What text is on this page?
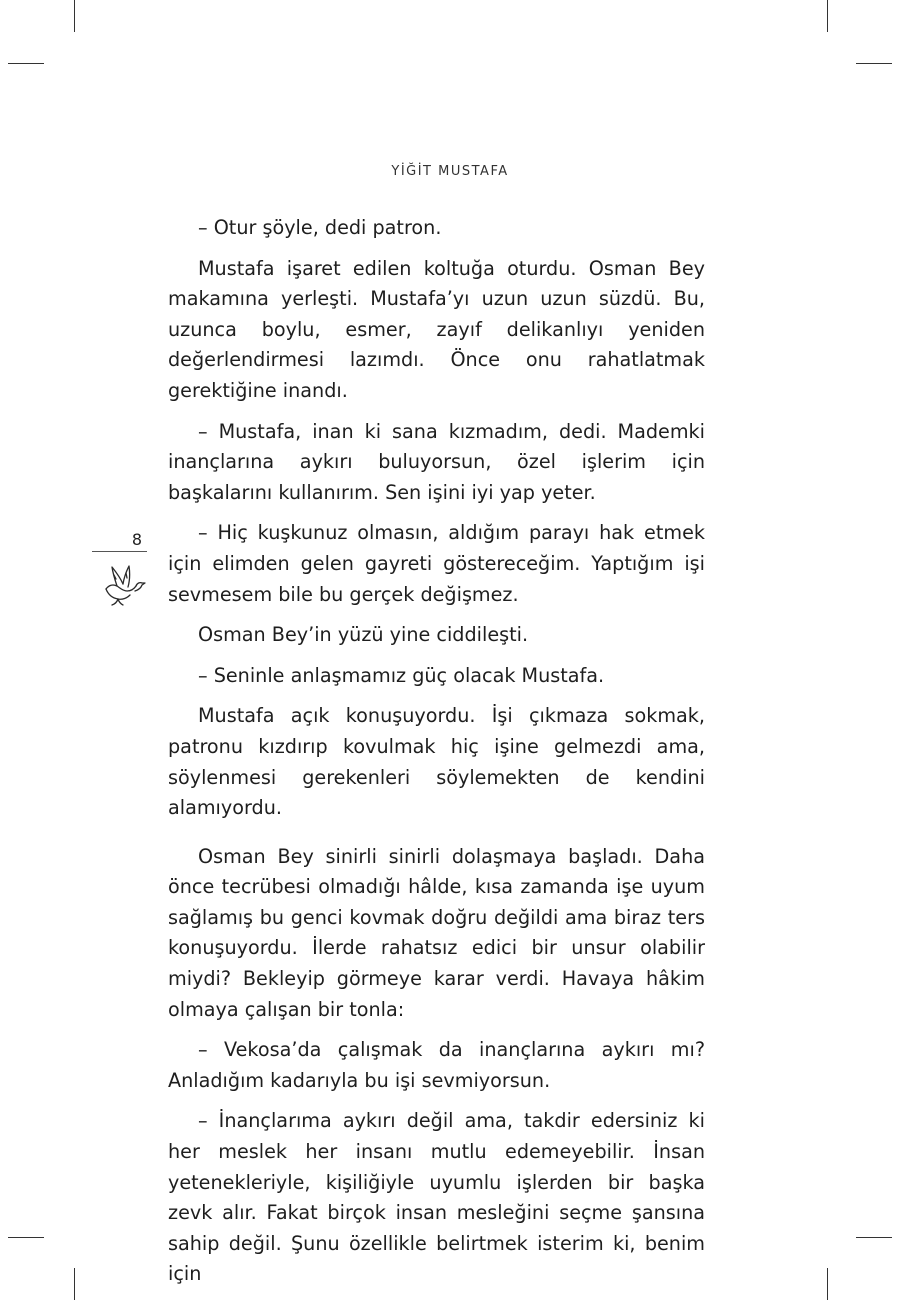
YİĞİT MUSTAFA
8

– Otur şöyle, dedi patron.

Mustafa işaret edilen koltuğa oturdu. Osman Bey makamına yerleşti. Mustafa’yı uzun uzun süzdü. Bu, uzunca boylu, esmer, zayıf delikanlıyı yeniden değerlendirmesi lazımdı. Önce onu rahatlatmak gerektiğine inandı.

– Mustafa, inan ki sana kızmadım, dedi. Mademki inançlarına aykırı buluyorsun, özel işlerim için başkalarını kullanırım. Sen işini iyi yap yeter.

– Hiç kuşkunuz olmasın, aldığım parayı hak etmek için elimden gelen gayreti göstereceğim. Yaptığım işi sevmesem bile bu gerçek değişmez.

Osman Bey’in yüzü yine ciddileşti.

– Seninle anlaşmamız güç olacak Mustafa.

Mustafa açık konuşuyordu. İşi çıkmaza sokmak, patronu kızdırıp kovulmak hiç işine gelmezdi ama, söylenmesi gerekenleri söylemekten de kendini alamıyordu.

Osman Bey sinirli sinirli dolaşmaya başladı. Daha önce tecrübesi olmadığı hâlde, kısa zamanda işe uyum sağlamış bu genci kovmak doğru değildi ama biraz ters konuşuyordu. İlerde rahatsız edici bir unsur olabilir miydi? Bekleyip görmeye karar verdi. Havaya hâkim olmaya çalışan bir tonla:

– Vekosa’da çalışmak da inançlarına aykırı mı? Anladığım kadarıyla bu işi sevmiyorsun.

– İnançlarıma aykırı değil ama, takdir edersiniz ki her meslek her insanı mutlu edemeyebilir. İnsan yetenekleriyle, kişiliğiyle uyumlu işlerden bir başka zevk alır. Fakat birçok insan mesleğini seçme şansına sahip değil. Şunu özellikle belirtmek isterim ki, benim için
